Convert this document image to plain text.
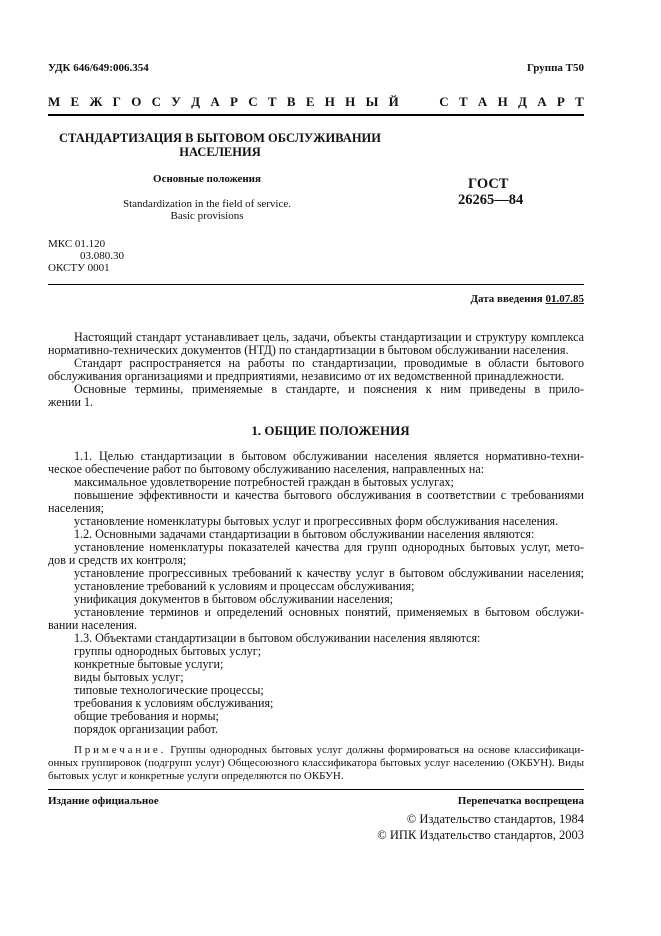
УДК 646/649:006.354	Группа Т50
М Е Ж Г О С У Д А Р С Т В Е Н Н Ы Й    С Т А Н Д А Р Т
СТАНДАРТИЗАЦИЯ В БЫТОВОМ ОБСЛУЖИВАНИИ
НАСЕЛЕНИЯ
Основные положения
Standardization in the field of service.
Basic provisions
ГОСТ
26265—84
МКС 01.120
03.080.30
ОКСТУ 0001
Дата введения 01.07.85
Настоящий стандарт устанавливает цель, задачи, объекты стандартизации и структуру комплекса
нормативно-технических документов (НТД) по стандартизации в бытовом обслуживании населения.
Стандарт распространяется на работы по стандартизации, проводимые в области бытового
обслуживания организациями и предприятиями, независимо от их ведомственной принадлежности.
Основные термины, применяемые в стандарте, и пояснения к ним приведены в прило-
жении 1.
1. ОБЩИЕ ПОЛОЖЕНИЯ
1.1. Целью стандартизации в бытовом обслуживании населения является нормативно-техни-
ческое обеспечение работ по бытовому обслуживанию населения, направленных на:
максимальное удовлетворение потребностей граждан в бытовых услугах;
повышение эффективности и качества бытового обслуживания в соответствии с требованиями
населения;
установление номенклатуры бытовых услуг и прогрессивных форм обслуживания населения.
1.2. Основными задачами стандартизации в бытовом обслуживании населения являются:
установление номенклатуры показателей качества для групп однородных бытовых услуг, мето-
дов и средств их контроля;
установление прогрессивных требований к качеству услуг в бытовом обслуживании населения;
установление требований к условиям и процессам обслуживания;
унификация документов в бытовом обслуживании населения;
установление терминов и определений основных понятий, применяемых в бытовом обслужи-
вании населения.
1.3. Объектами стандартизации в бытовом обслуживании населения являются:
группы однородных бытовых услуг;
конкретные бытовые услуги;
виды бытовых услуг;
типовые технологические процессы;
требования к условиям обслуживания;
общие требования и нормы;
порядок организации работ.
Примечание. Группы однородных бытовых услуг должны формироваться на основе классификаци-
онных группировок (подгрупп услуг) Общесоюзного классификатора бытовых услуг населению (ОКБУН). Виды
бытовых услуг и конкретные услуги определяются по ОКБУН.
Издание официальное	Перепечатка воспрещена
© Издательство стандартов, 1984
© ИПК Издательство стандартов, 2003
